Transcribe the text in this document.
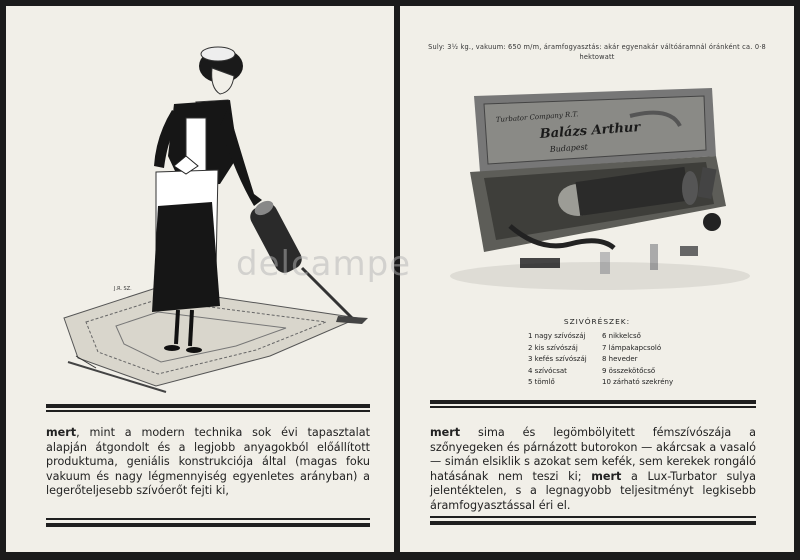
J.R. SZ.
mert, mint a modern technika sok évi tapasztalat alapján átgondolt és a legjobb anyagokból előállított produktuma, geniális konstrukciója által (magas foku vakuum és nagy légmennyiség egyenletes arányban) a legerőteljesebb szívóerőt fejti ki,
Suly: 3½ kg., vakuum: 650 m/m, áramfogyasztás: akár egyenakár váltóáramnál óránként ca. 0·8 hektowatt
Turbator Company R.T.
Balázs Arthur
Budapest
SZIVÓRÉSZEK:
1 nagy szívószáj
2 kis szívószáj
3 kefés szívószáj
4 szívócsat
5 tömlő
6 nikkelcső
7 lámpakapcsoló
8 heveder
9 összekötőcső
10 zárható szekrény
mert sima és legömbölyitett fémszívószája a szőnyegeken és párnázott butorokon — akárcsak a vasaló — simán elsiklik s azokat sem kefék, sem kerekek rongáló hatásának nem teszi ki; mert a Lux-Turbator sulya jelentéktelen, s a legnagyobb teljesitményt legkisebb áramfogyasztással éri el.
delcampe
